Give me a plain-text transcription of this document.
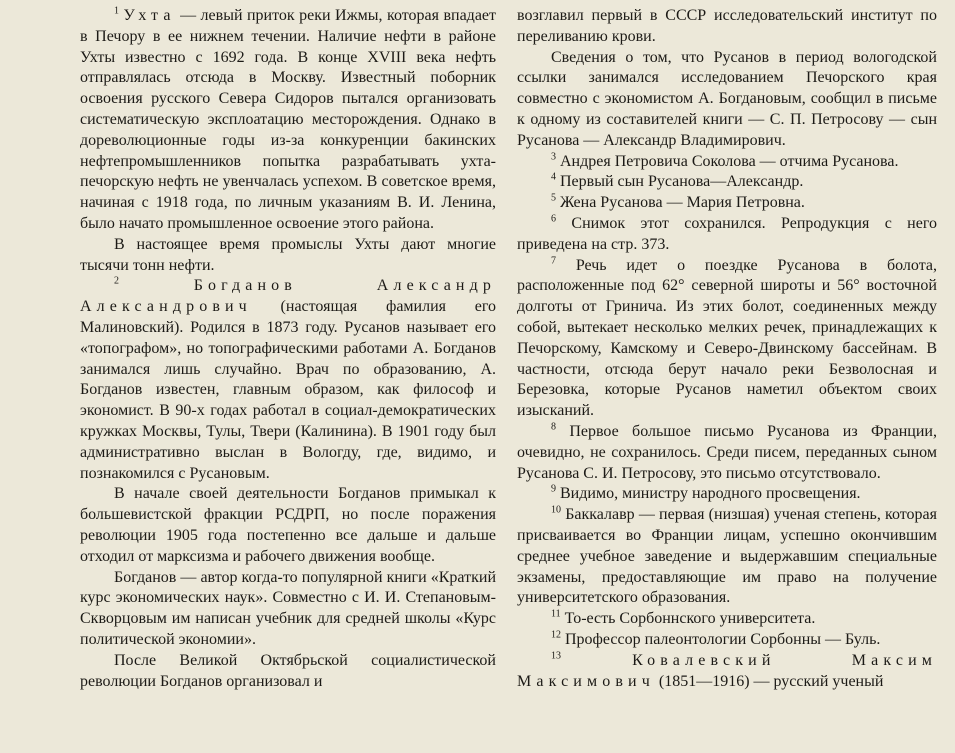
$^1$ Ухта — левый приток реки Ижмы, которая впадает в Печору в ее нижнем течении. Наличие нефти в районе Ухты известно с 1692 года. В конце XVIII века нефть отправлялась отсюда в Москву. Известный поборник освоения русского Севера Сидоров пытался организовать систематическую эксплоатацию месторождения. Однако в дореволюционные годы из-за конкуренции бакинских нефтепромышленников попытка разрабатывать ухта-печорскую нефть не увенчалась успехом. В советское время, начиная с 1918 года, по личным указаниям В. И. Ленина, было начато промышленное освоение этого района.

В настоящее время промыслы Ухты дают многие тысячи тонн нефти.

$^2$	Богданов Александр Александрович (настоящая фамилия его Малиновский). Родился в 1873 году. Русанов называет его «топографом», но топографическими работами А. Богданов занимался лишь случайно. Врач по образованию, А. Богданов известен, главным образом, как философ и экономист. В 90-х годах работал в социал-демократических кружках Москвы, Тулы, Твери (Калинина). В 1901 году был административно выслан в Вологду, где, видимо, и познакомился с Русановым.

В начале своей деятельности Богданов примыкал к большевистской фракции РСДРП, но после поражения революции 1905 года постепенно все дальше и дальше отходил от марксизма и рабочего движения вообще.

Богданов — автор когда-то популярной книги «Краткий курс экономических наук». Совместно с И. И. Степановым-Скворцовым им написан учебник для средней школы «Курс политической экономии».

После Великой Октябрьской социалистической революции Богданов организовал и

возглавил первый в СССР исследовательский институт по переливанию крови.

Сведения о том, что Русанов в период вологодской ссылки занимался исследованием Печорского края совместно с экономистом А. Богдановым, сообщил в письме к одному из составителей книги — С. П. Петросову — сын Русанова — Александр Владимирович.

$^3$ Андрея Петровича Соколова — отчима Русанова.

$^4$ Первый сын Русанова—Александр.

$^5$ Жена Русанова — Мария Петровна.

$^6$ Снимок этот сохранился. Репродукция с него приведена на стр. 373.

$^7$ Речь идет о поездке Русанова в болота, расположенные под 62° северной широты и 56° восточной долготы от Гринича. Из этих болот, соединенных между собой, вытекает несколько мелких речек, принадлежащих к Печорскому, Камскому и Северо-Двинскому бассейнам. В частности, отсюда берут начало реки Безволосная и Березовка, которые Русанов наметил объектом своих изысканий.

$^8$ Первое большое письмо Русанова из Франции, очевидно, не сохранилось. Среди писем, переданных сыном Русанова С. И. Петросову, это письмо отсутствовало.

$^9$ Видимо, министру народного просвещения.

$^{10}$ Баккалавр — первая (низшая) ученая степень, которая присваивается во Франции лицам, успешно окончившим среднее учебное заведение и выдержавшим специальные экзамены, предоставляющие им право на получение университетского образования.

$^{11}$ То-есть Сорбоннского университета.

$^{12}$ Профессор палеонтологии Сорбонны — Буль.

$^{13}$	Ковалевский Максим Максимович (1851—1916) — русский ученый
